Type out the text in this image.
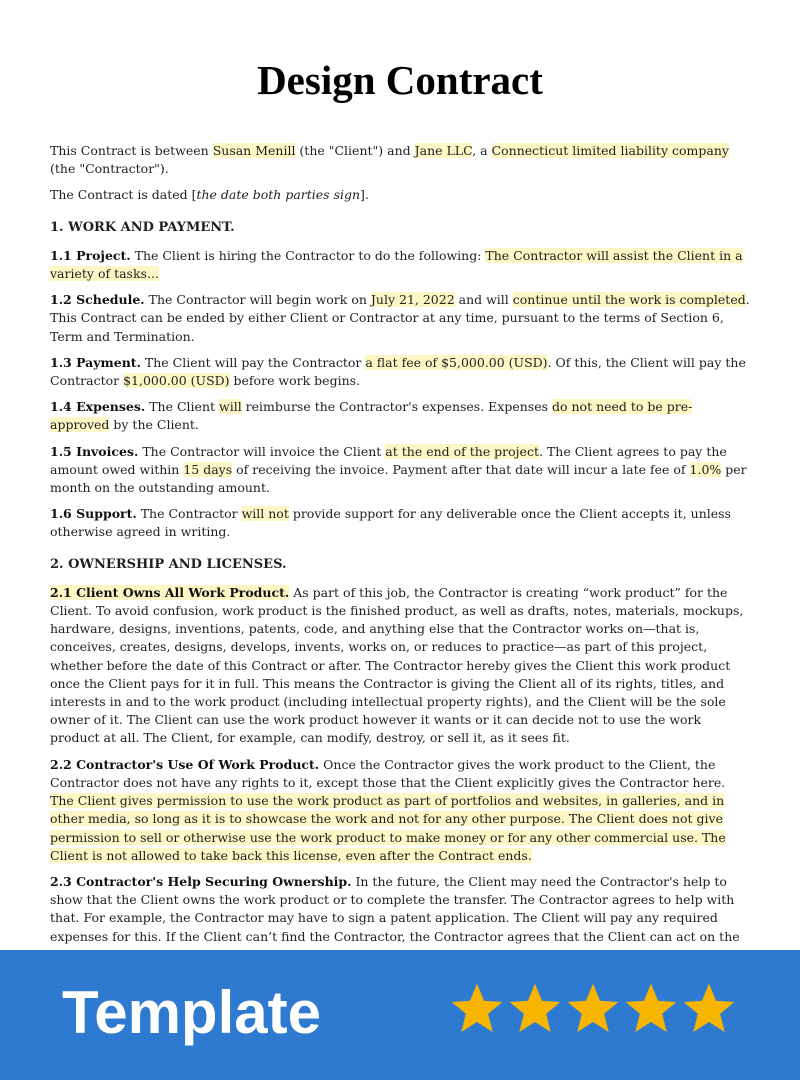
Design Contract

This Contract is between Susan Menill (the "Client") and Jane LLC, a Connecticut limited liability company (the "Contractor").

The Contract is dated [the date both parties sign].

1. WORK AND PAYMENT.

1.1 Project. The Client is hiring the Contractor to do the following: The Contractor will assist the Client in a variety of tasks...

1.2 Schedule. The Contractor will begin work on July 21, 2022 and will continue until the work is completed. This Contract can be ended by either Client or Contractor at any time, pursuant to the terms of Section 6, Term and Termination.

1.3 Payment. The Client will pay the Contractor a flat fee of $5,000.00 (USD). Of this, the Client will pay the Contractor $1,000.00 (USD) before work begins.

1.4 Expenses. The Client will reimburse the Contractor's expenses. Expenses do not need to be pre-approved by the Client.

1.5 Invoices. The Contractor will invoice the Client at the end of the project. The Client agrees to pay the amount owed within 15 days of receiving the invoice. Payment after that date will incur a late fee of 1.0% per month on the outstanding amount.

1.6 Support. The Contractor will not provide support for any deliverable once the Client accepts it, unless otherwise agreed in writing.

2. OWNERSHIP AND LICENSES.

2.1 Client Owns All Work Product. As part of this job, the Contractor is creating “work product” for the Client. To avoid confusion, work product is the finished product, as well as drafts, notes, materials, mockups, hardware, designs, inventions, patents, code, and anything else that the Contractor works on—that is, conceives, creates, designs, develops, invents, works on, or reduces to practice—as part of this project, whether before the date of this Contract or after. The Contractor hereby gives the Client this work product once the Client pays for it in full. This means the Contractor is giving the Client all of its rights, titles, and interests in and to the work product (including intellectual property rights), and the Client will be the sole owner of it. The Client can use the work product however it wants or it can decide not to use the work product at all. The Client, for example, can modify, destroy, or sell it, as it sees fit.

2.2 Contractor's Use Of Work Product. Once the Contractor gives the work product to the Client, the Contractor does not have any rights to it, except those that the Client explicitly gives the Contractor here. The Client gives permission to use the work product as part of portfolios and websites, in galleries, and in other media, so long as it is to showcase the work and not for any other purpose. The Client does not give permission to sell or otherwise use the work product to make money or for any other commercial use. The Client is not allowed to take back this license, even after the Contract ends.

2.3 Contractor's Help Securing Ownership. In the future, the Client may need the Contractor's help to show that the Client owns the work product or to complete the transfer. The Contractor agrees to help with that. For example, the Contractor may have to sign a patent application. The Client will pay any required expenses for this. If the Client can’t find the Contractor, the Contractor agrees that the Client can act on the

Template
